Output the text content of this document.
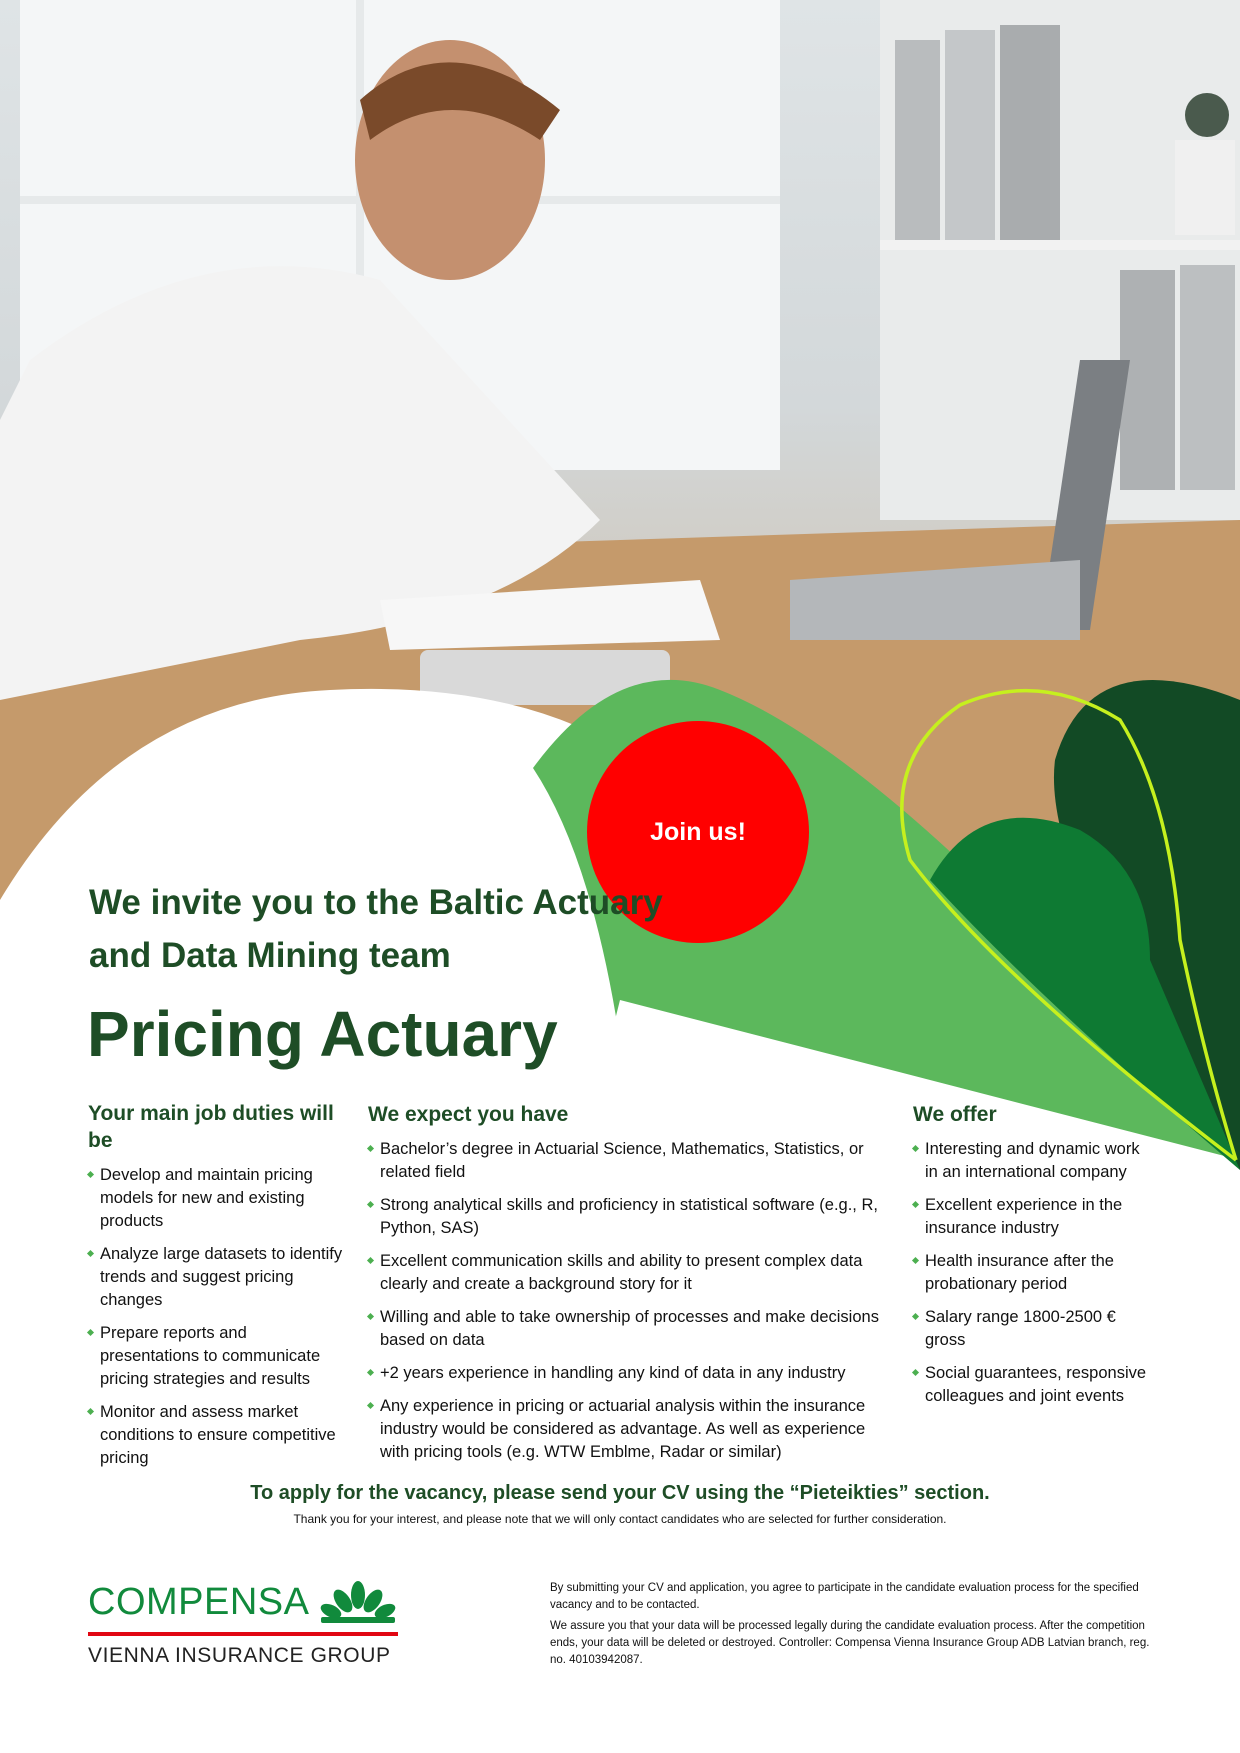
Join us!
We invite you to the Baltic Actuary and Data Mining team
Pricing Actuary
Your main job duties will be
Develop and maintain pricing models for new and existing products
Analyze large datasets to identify trends and suggest pricing changes
Prepare reports and presentations to communicate pricing strategies and results
Monitor and assess market conditions to ensure competitive pricing
We expect you have
Bachelor’s degree in Actuarial Science, Mathematics, Statistics, or related field
Strong analytical skills and proficiency in statistical software (e.g., R, Python, SAS)
Excellent communication skills and ability to present complex data clearly and create a background story for it
Willing and able to take ownership of processes and make decisions based on data
+2 years experience in handling any kind of data in any industry
Any experience in pricing or actuarial analysis within the insurance industry would be considered as advantage. As well as experience with pricing tools (e.g. WTW Emblme, Radar or similar)
We offer
Interesting and dynamic work in an international company
Excellent experience in the insurance industry
Health insurance after the probationary period
Salary range 1800-2500 € gross
Social guarantees, responsive colleagues and joint events
To apply for the vacancy, please send your CV using the “Pieteikties” section.
Thank you for your interest, and please note that we will only contact candidates who are selected for further consideration.
COMPENSA
VIENNA INSURANCE GROUP

By submitting your CV and application, you agree to participate in the candidate evaluation process for the specified vacancy and to be contacted.

We assure you that your data will be processed legally during the candidate evaluation process. After the competition ends, your data will be deleted or destroyed. Controller: Compensa Vienna Insurance Group ADB Latvian branch, reg. no. 40103942087.
